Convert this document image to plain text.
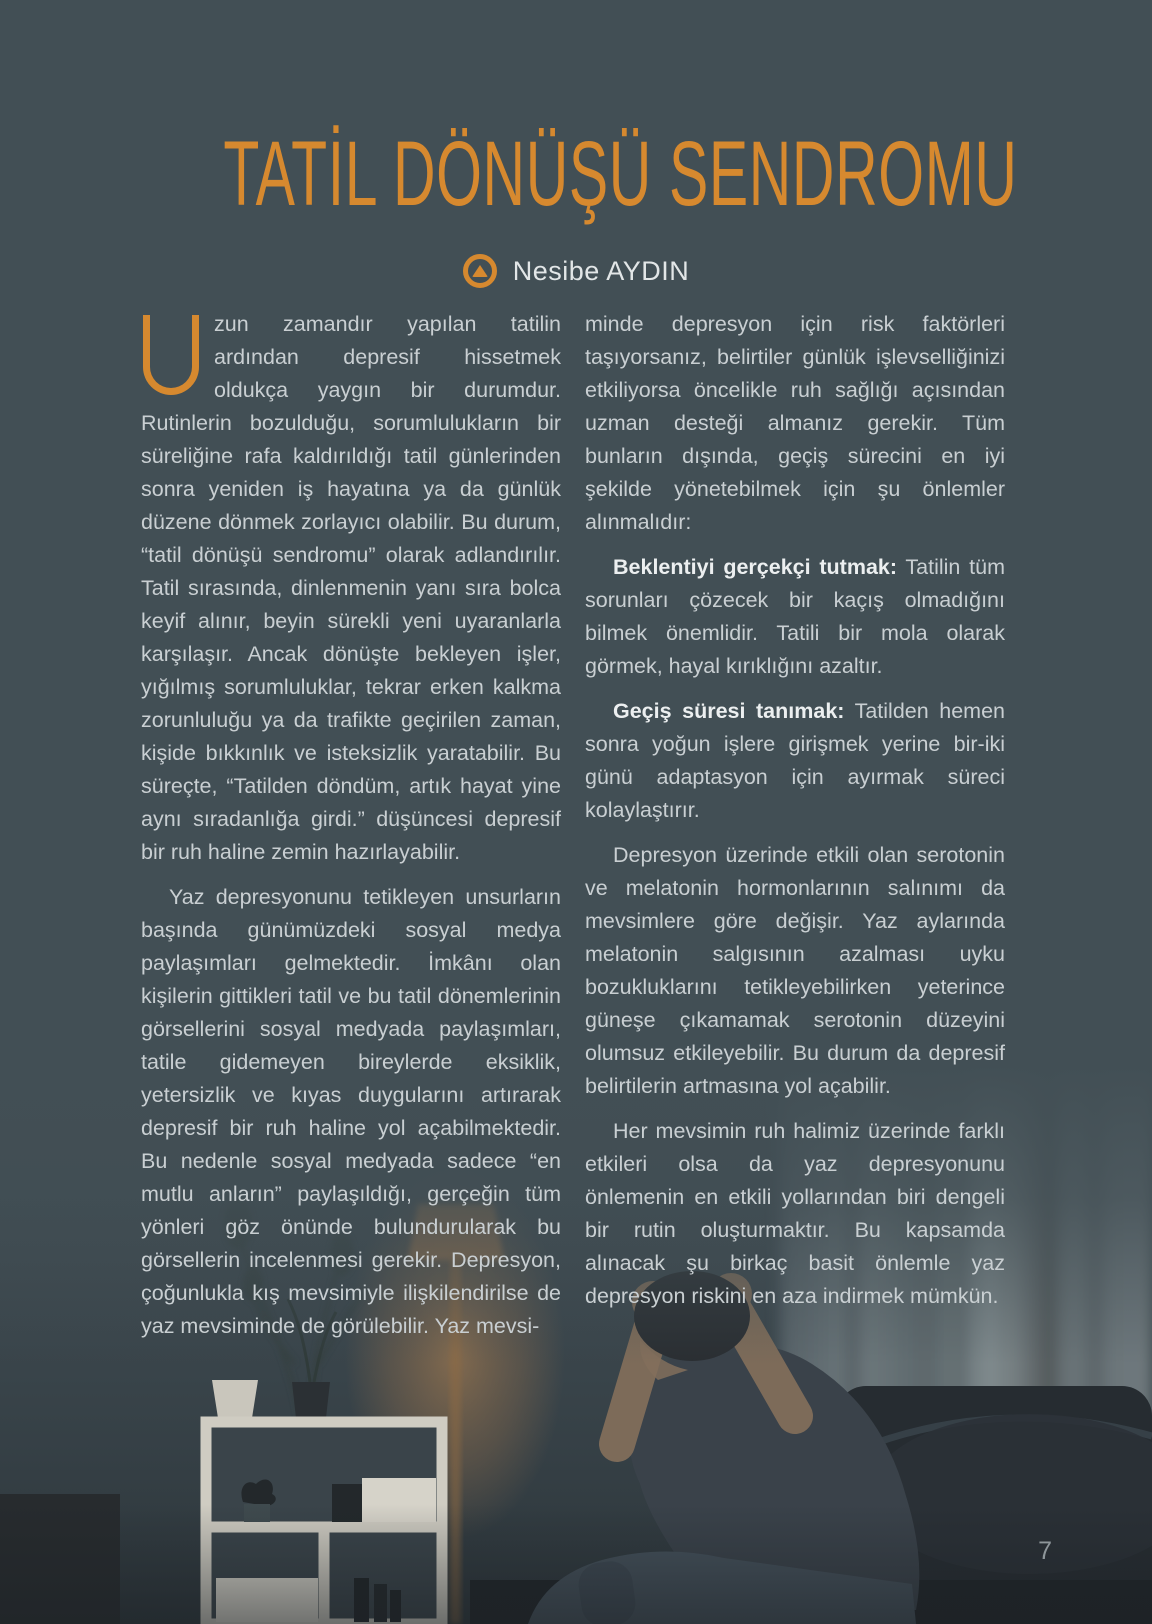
TATİL DÖNÜŞÜ SENDROMU
Nesibe AYDIN

zun zamandır yapılan tatilin ardından depresif hissetmek oldukça yaygın bir durumdur. Rutinlerin bozulduğu, sorumlulukların bir süreliğine rafa kaldırıldığı tatil günlerinden sonra yeniden iş hayatına ya da günlük düzene dönmek zorlayıcı olabilir. Bu durum, “tatil dönüşü sendromu” olarak adlandırılır. Tatil sırasında, dinlenmenin yanı sıra bolca keyif alınır, beyin sürekli yeni uyaranlarla karşılaşır. Ancak dönüşte bekleyen işler, yığılmış sorumluluklar, tekrar erken kalkma zorunluluğu ya da trafikte geçirilen zaman, kişide bıkkınlık ve isteksizlik yaratabilir. Bu süreçte, “Tatilden döndüm, artık hayat yine aynı sıradanlığa girdi.” düşüncesi depresif bir ruh haline zemin hazırlayabilir.

Yaz depresyonunu tetikleyen unsurların başında günümüzdeki sosyal medya paylaşımları gelmektedir. İmkânı olan kişilerin gittikleri tatil ve bu tatil dönemlerinin görsellerini sosyal medyada paylaşımları, tatile gidemeyen bireylerde eksiklik, yetersizlik ve kıyas duygularını artırarak depresif bir ruh haline yol açabilmektedir. Bu nedenle sosyal medyada sadece “en mutlu anların” paylaşıldığı, gerçeğin tüm yönleri göz önünde bulundurularak bu görsellerin incelenmesi gerekir. Depresyon, çoğunlukla kış mevsimiyle ilişkilendirilse de yaz mevsiminde de görülebilir. Yaz mevsi-

minde depresyon için risk faktörleri taşıyorsanız, belirtiler günlük işlevselliğinizi etkiliyorsa öncelikle ruh sağlığı açısından uzman desteği almanız gerekir. Tüm bunların dışında, geçiş sürecini en iyi şekilde yönetebilmek için şu önlemler alınmalıdır:

Beklentiyi gerçekçi tutmak: Tatilin tüm sorunları çözecek bir kaçış olmadığını bilmek önemlidir. Tatili bir mola olarak görmek, hayal kırıklığını azaltır.

Geçiş süresi tanımak: Tatilden hemen sonra yoğun işlere girişmek yerine bir-iki günü adaptasyon için ayırmak süreci kolaylaştırır.

Depresyon üzerinde etkili olan serotonin ve melatonin hormonlarının salınımı da mevsimlere göre değişir. Yaz aylarında melatonin salgısının azalması uyku bozukluklarını tetikleyebilirken yeterince güneşe çıkamamak serotonin düzeyini olumsuz etkileyebilir. Bu durum da depresif belirtilerin artmasına yol açabilir.

Her mevsimin ruh halimiz üzerinde farklı etkileri olsa da yaz depresyonunu önlemenin en etkili yollarından biri dengeli bir rutin oluşturmaktır. Bu kapsamda alınacak şu birkaç basit önlemle yaz depresyon riskini en aza indirmek mümkün.

7
